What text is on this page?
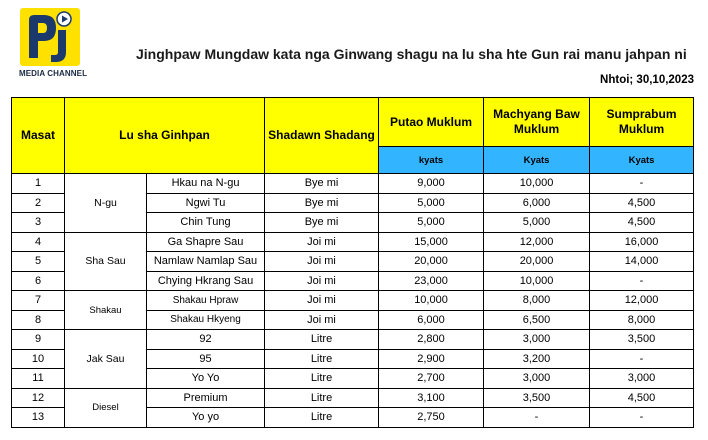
MEDIA CHANNEL
Jinghpaw Mungdaw kata nga Ginwang shagu na lu sha hte Gun rai manu jahpan ni
Nhtoi; 30,10,2023
Masat	Lu sha Ginhpan		Shadawn Shadang	Putao Muklum	Machyang Baw Muklum	Sumprabum Muklum
				kyats	Kyats	Kyats
1	N-gu	Hkau na N-gu	Bye mi	9,000	10,000	-
2		Ngwi Tu	Bye mi	5,000	6,000	4,500
3		Chin Tung	Bye mi	5,000	5,000	4,500
4	Sha Sau	Ga Shapre Sau	Joi mi	15,000	12,000	16,000
5		Namlaw Namlap Sau	Joi mi	20,000	20,000	14,000
6		Chying Hkrang Sau	Joi mi	23,000	10,000	-
7	Shakau	Shakau Hpraw	Joi mi	10,000	8,000	12,000
8		Shakau Hkyeng	Joi mi	6,000	6,500	8,000
9	Jak Sau	92	Litre	2,800	3,000	3,500
10		95	Litre	2,900	3,200	-
11		Yo Yo	Litre	2,700	3,000	3,000
12	Diesel	Premium	Litre	3,100	3,500	4,500
13		Yo yo	Litre	2,750	-	-
